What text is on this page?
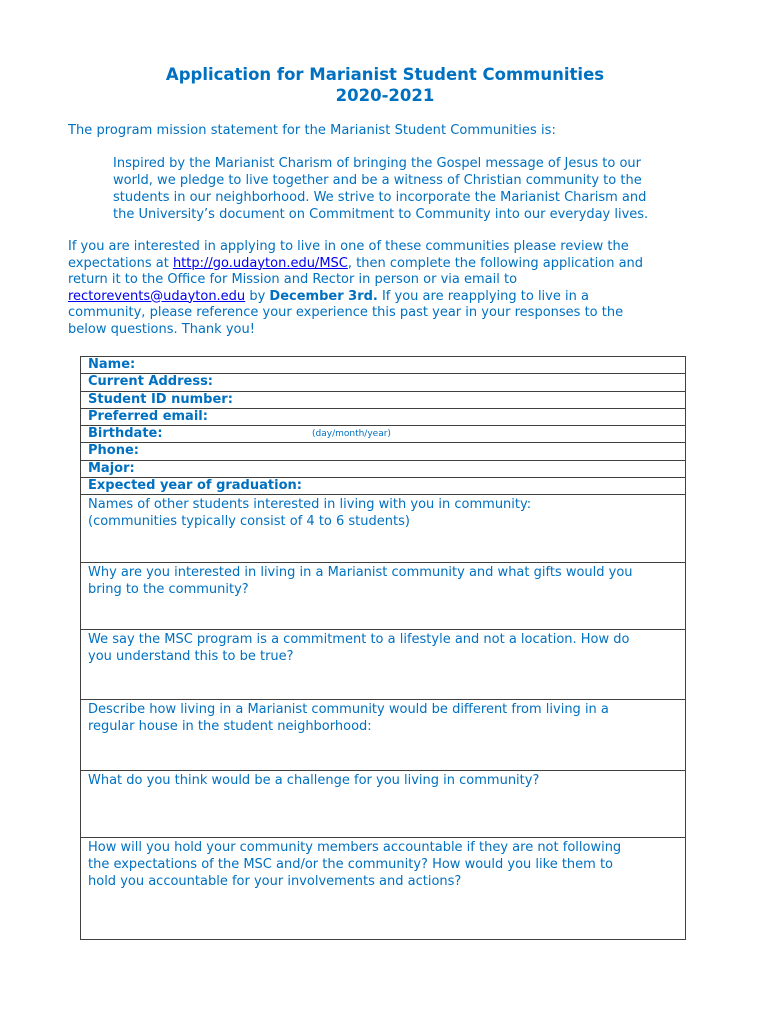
Application for Marianist Student Communities
2020-2021
The program mission statement for the Marianist Student Communities is:
Inspired by the Marianist Charism of bringing the Gospel message of Jesus to our
world, we pledge to live together and be a witness of Christian community to the
students in our neighborhood. We strive to incorporate the Marianist Charism and
the University’s document on Commitment to Community into our everyday lives.
If you are interested in applying to live in one of these communities please review the
expectations at http://go.udayton.edu/MSC, then complete the following application and
return it to the Office for Mission and Rector in person or via email to
rectorevents@udayton.edu by December 3rd. If you are reapplying to live in a
community, please reference your experience this past year in your responses to the
below questions. Thank you!
Name:
Current Address:
Student ID number:
Preferred email:
Birthdate:	(day/month/year)
Phone:
Major:
Expected year of graduation:
Names of other students interested in living with you in community:
(communities typically consist of 4 to 6 students)
Why are you interested in living in a Marianist community and what gifts would you
bring to the community?
We say the MSC program is a commitment to a lifestyle and not a location. How do
you understand this to be true?
Describe how living in a Marianist community would be different from living in a
regular house in the student neighborhood:
What do you think would be a challenge for you living in community?
How will you hold your community members accountable if they are not following
the expectations of the MSC and/or the community? How would you like them to
hold you accountable for your involvements and actions?
